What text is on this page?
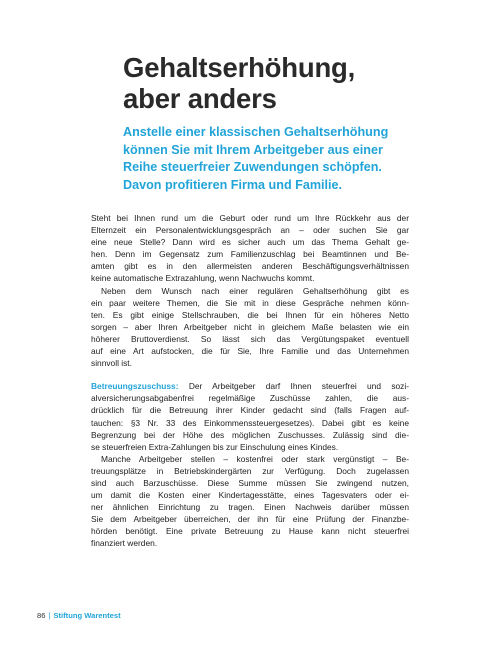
Gehaltserhöhung,
aber anders
Anstelle einer klassischen Gehaltserhöhung
können Sie mit Ihrem Arbeitgeber aus einer
Reihe steuerfreier Zuwendungen schöpfen.
Davon profitieren Firma und Familie.
Steht bei Ihnen rund um die Geburt oder rund um Ihre Rückkehr aus der
Elternzeit ein Personalentwicklungsgespräch an – oder suchen Sie gar
eine neue Stelle? Dann wird es sicher auch um das Thema Gehalt ge-
hen. Denn im Gegensatz zum Familienzuschlag bei Beamtinnen und Be-
amten gibt es in den allermeisten anderen Beschäftigungsverhältnissen
keine automatische Extrazahlung, wenn Nachwuchs kommt.
Neben dem Wunsch nach einer regulären Gehaltserhöhung gibt es
ein paar weitere Themen, die Sie mit in diese Gespräche nehmen könn-
ten. Es gibt einige Stellschrauben, die bei Ihnen für ein höheres Netto
sorgen – aber Ihren Arbeitgeber nicht in gleichem Maße belasten wie ein
höherer Bruttoverdienst. So lässt sich das Vergütungspaket eventuell
auf eine Art aufstocken, die für Sie, Ihre Familie und das Unternehmen
sinnvoll ist.
Betreuungszuschuss: Der Arbeitgeber darf Ihnen steuerfrei und sozi-
alversicherungsabgabenfrei regelmäßige Zuschüsse zahlen, die aus-
drücklich für die Betreuung ihrer Kinder gedacht sind (falls Fragen auf-
tauchen: §3 Nr. 33 des Einkommenssteuergesetzes). Dabei gibt es keine
Begrenzung bei der Höhe des möglichen Zuschusses. Zulässig sind die-
se steuerfreien Extra-Zahlungen bis zur Einschulung eines Kindes.
Manche Arbeitgeber stellen – kostenfrei oder stark vergünstigt – Be-
treuungsplätze in Betriebskindergärten zur Verfügung. Doch zugelassen
sind auch Barzuschüsse. Diese Summe müssen Sie zwingend nutzen,
um damit die Kosten einer Kindertagesstätte, eines Tagesvaters oder ei-
ner ähnlichen Einrichtung zu tragen. Einen Nachweis darüber müssen
Sie dem Arbeitgeber überreichen, der ihn für eine Prüfung der Finanzbe-
hörden benötigt. Eine private Betreuung zu Hause kann nicht steuerfrei
finanziert werden.
86 | Stiftung Warentest
